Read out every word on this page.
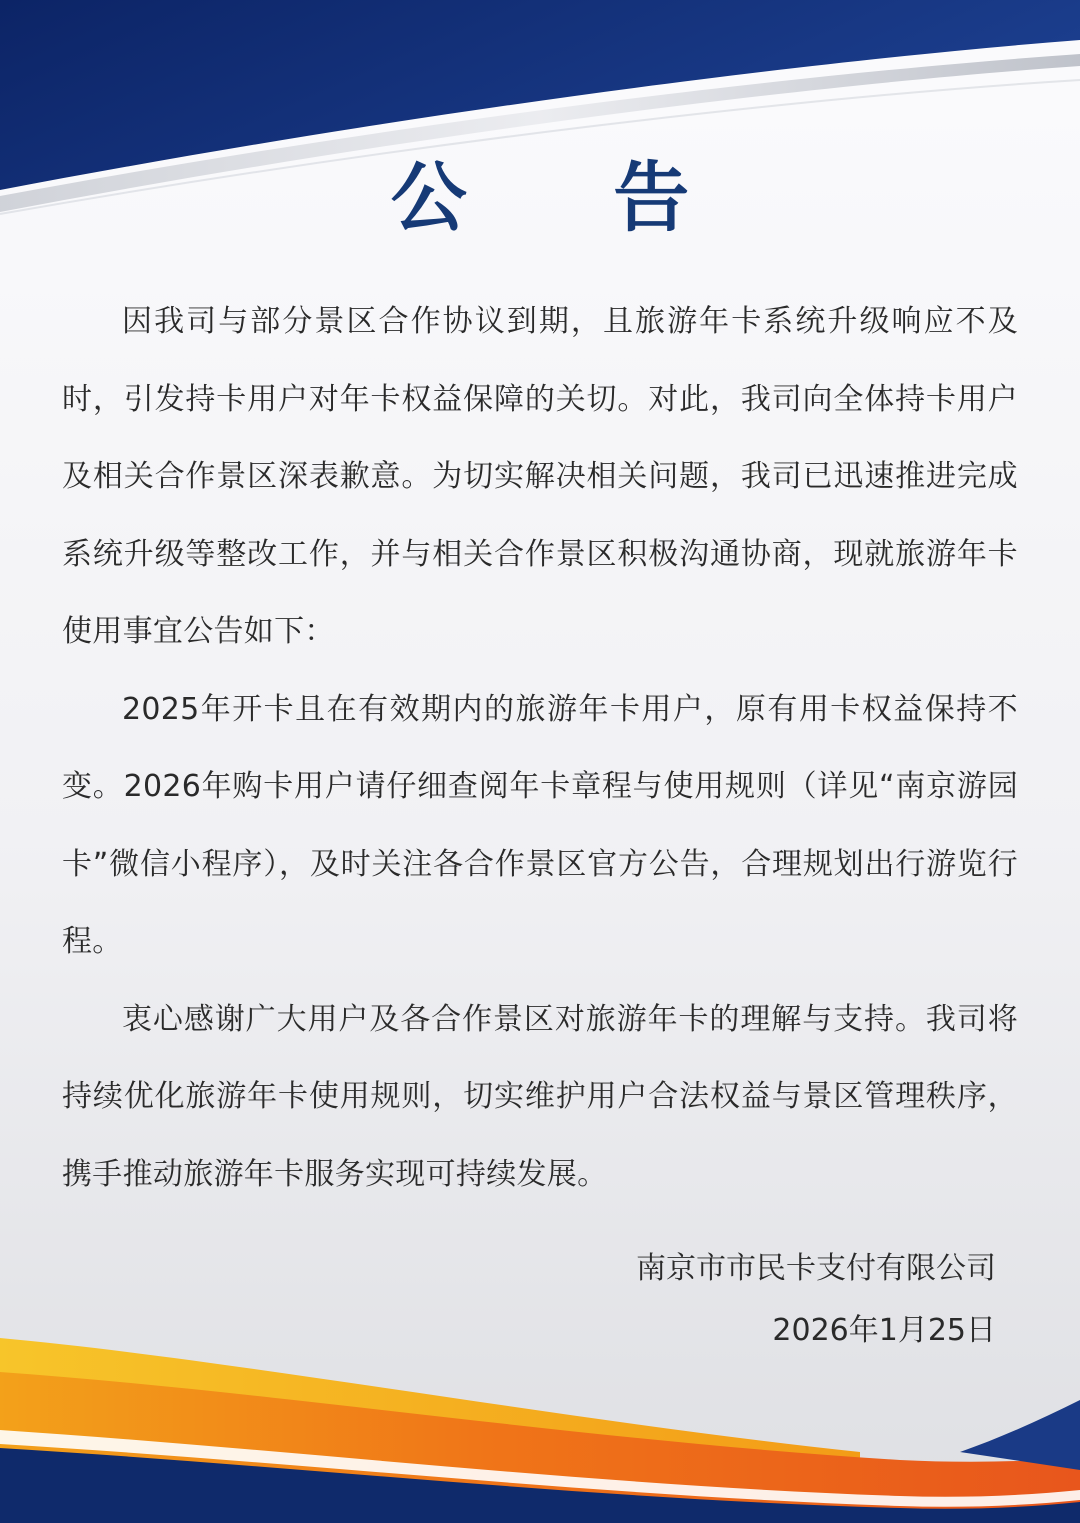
公 告

因我司与部分景区合作协议到期，且旅游年卡系统升级响应不及时，引发持卡用户对年卡权益保障的关切。对此，我司向全体持卡用户及相关合作景区深表歉意。为切实解决相关问题，我司已迅速推进完成系统升级等整改工作，并与相关合作景区积极沟通协商，现就旅游年卡使用事宜公告如下：

2025年开卡且在有效期内的旅游年卡用户，原有用卡权益保持不变。2026年购卡用户请仔细查阅年卡章程与使用规则（详见“南京游园卡”微信小程序），及时关注各合作景区官方公告，合理规划出行游览行程。

衷心感谢广大用户及各合作景区对旅游年卡的理解与支持。我司将持续优化旅游年卡使用规则，切实维护用户合法权益与景区管理秩序，携手推动旅游年卡服务实现可持续发展。

南京市市民卡支付有限公司
2026年1月25日
